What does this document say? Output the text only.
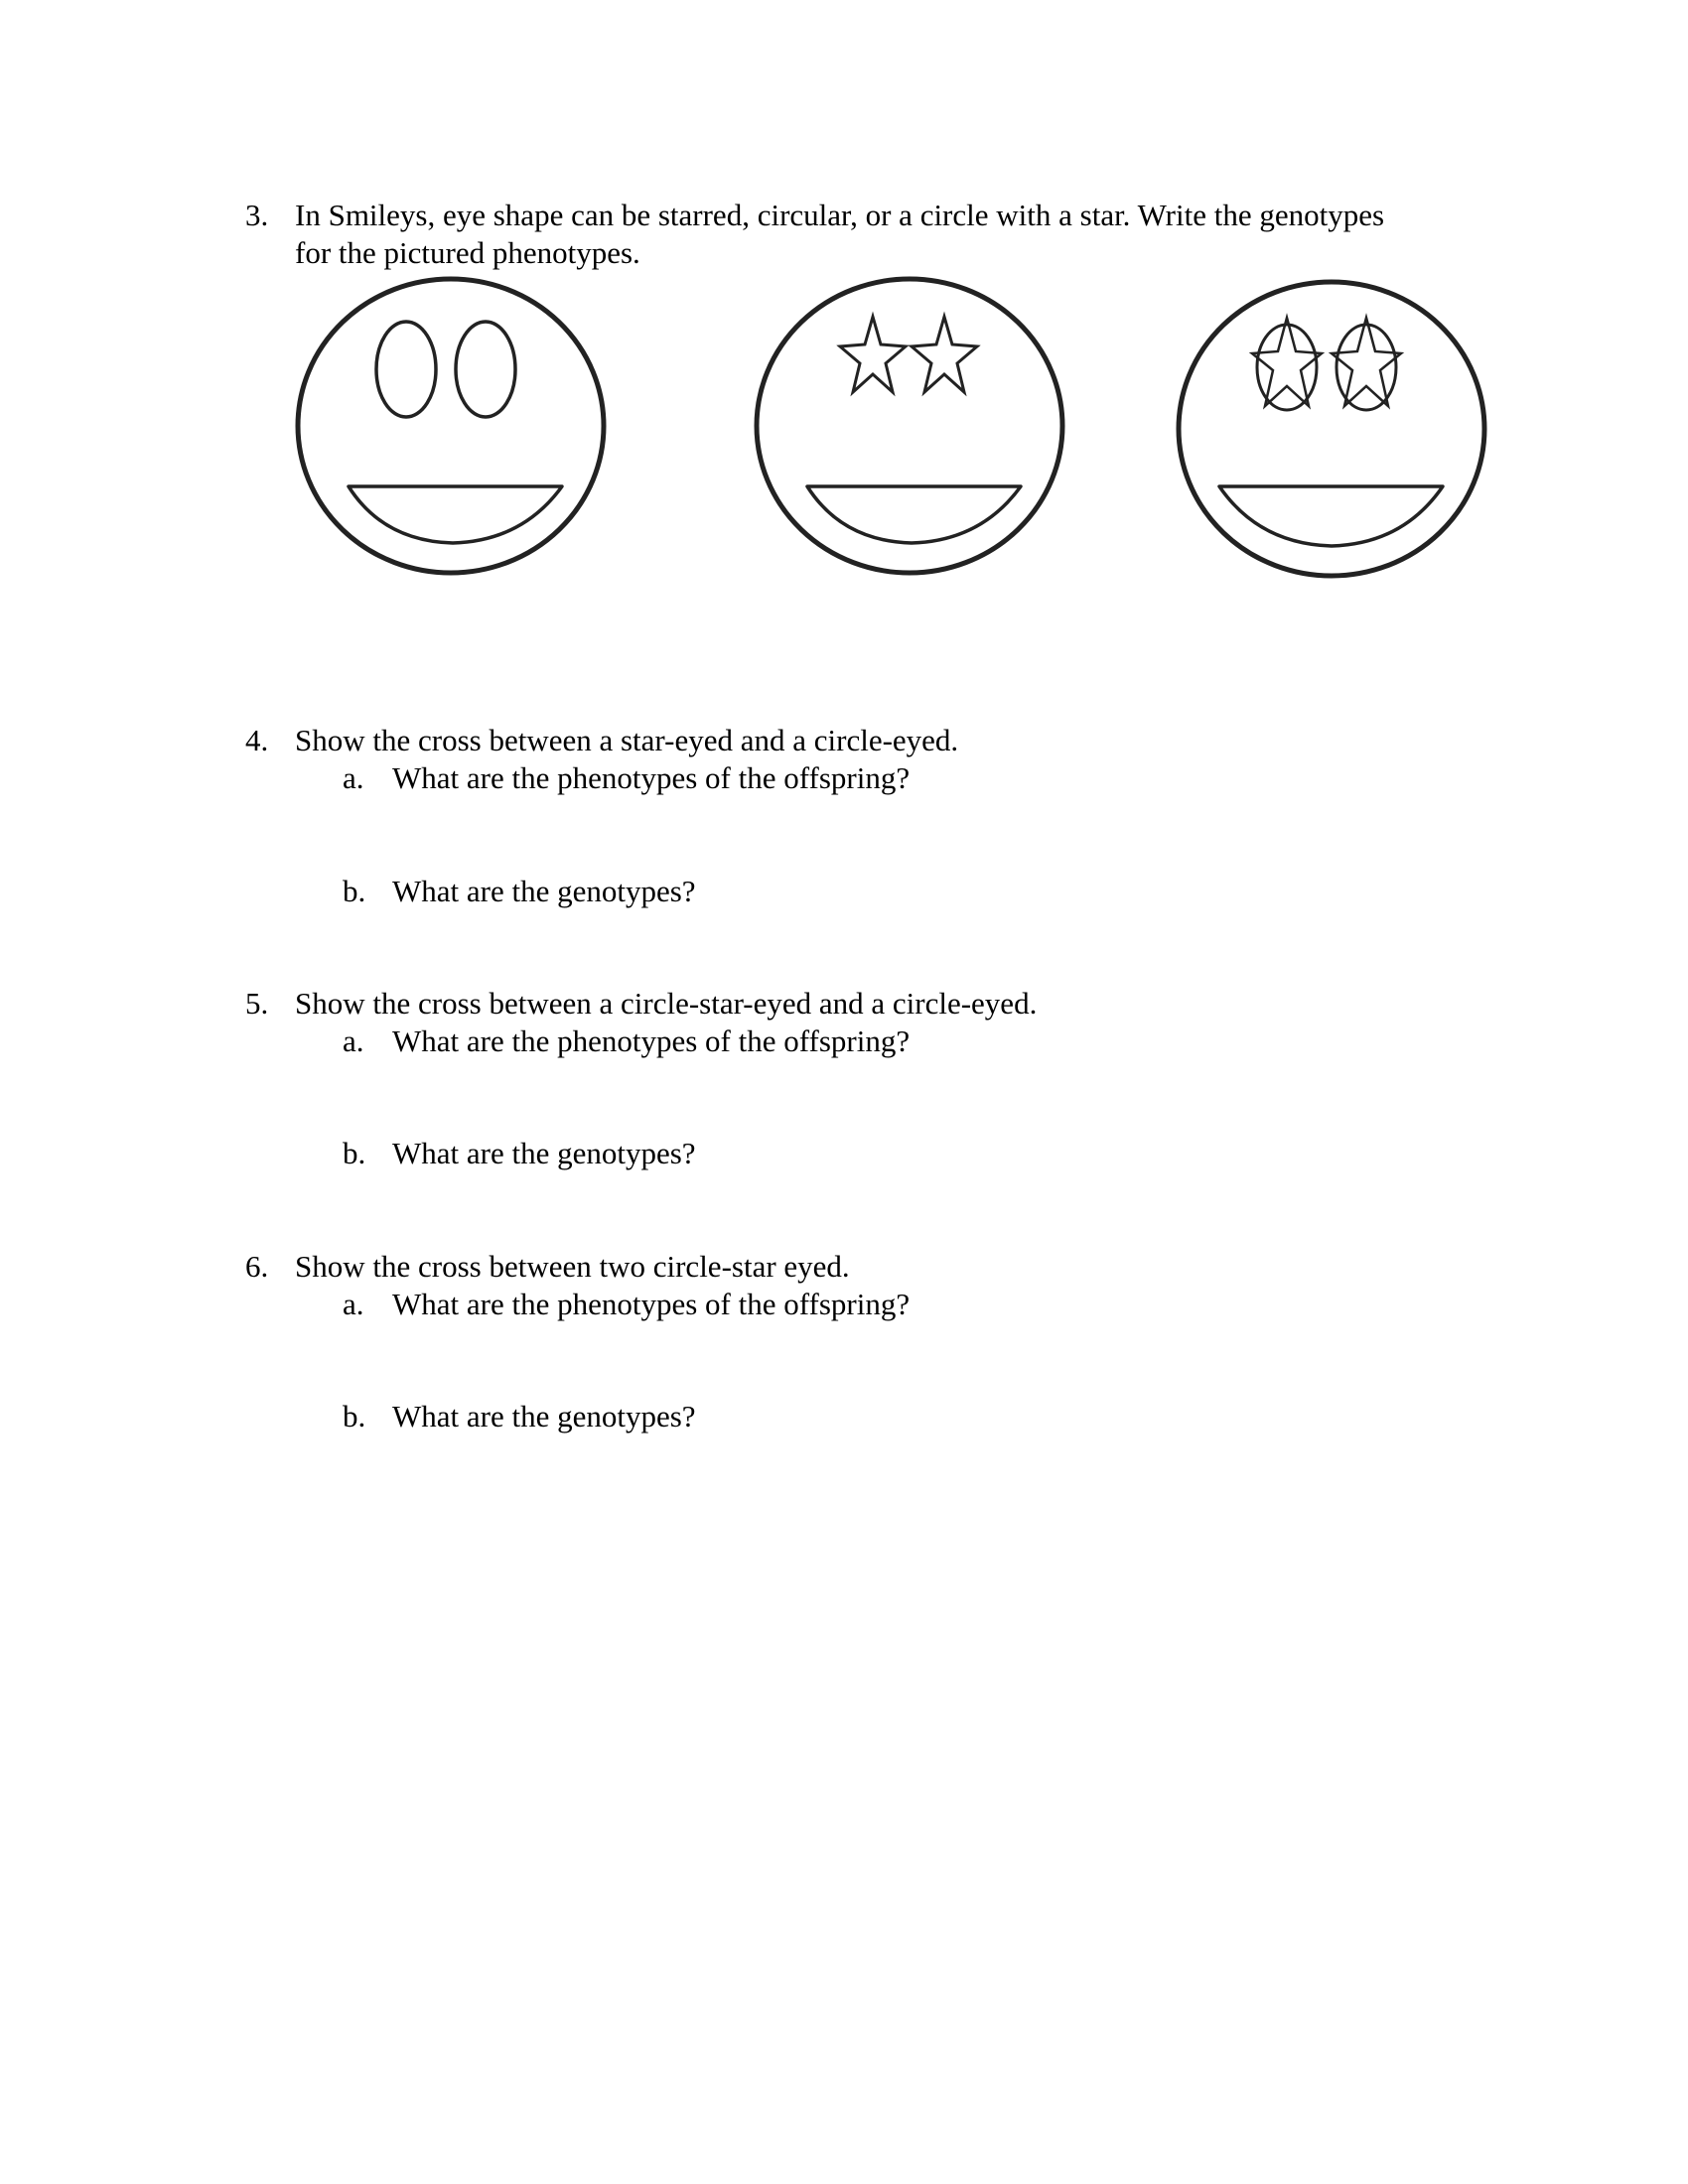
3. In Smileys, eye shape can be starred, circular, or a circle with a star. Write the genotypes
for the pictured phenotypes.
4. Show the cross between a star-eyed and a circle-eyed.
a. What are the phenotypes of the offspring?
b. What are the genotypes?
5. Show the cross between a circle-star-eyed and a circle-eyed.
a. What are the phenotypes of the offspring?
b. What are the genotypes?
6. Show the cross between two circle-star eyed.
a. What are the phenotypes of the offspring?
b. What are the genotypes?
